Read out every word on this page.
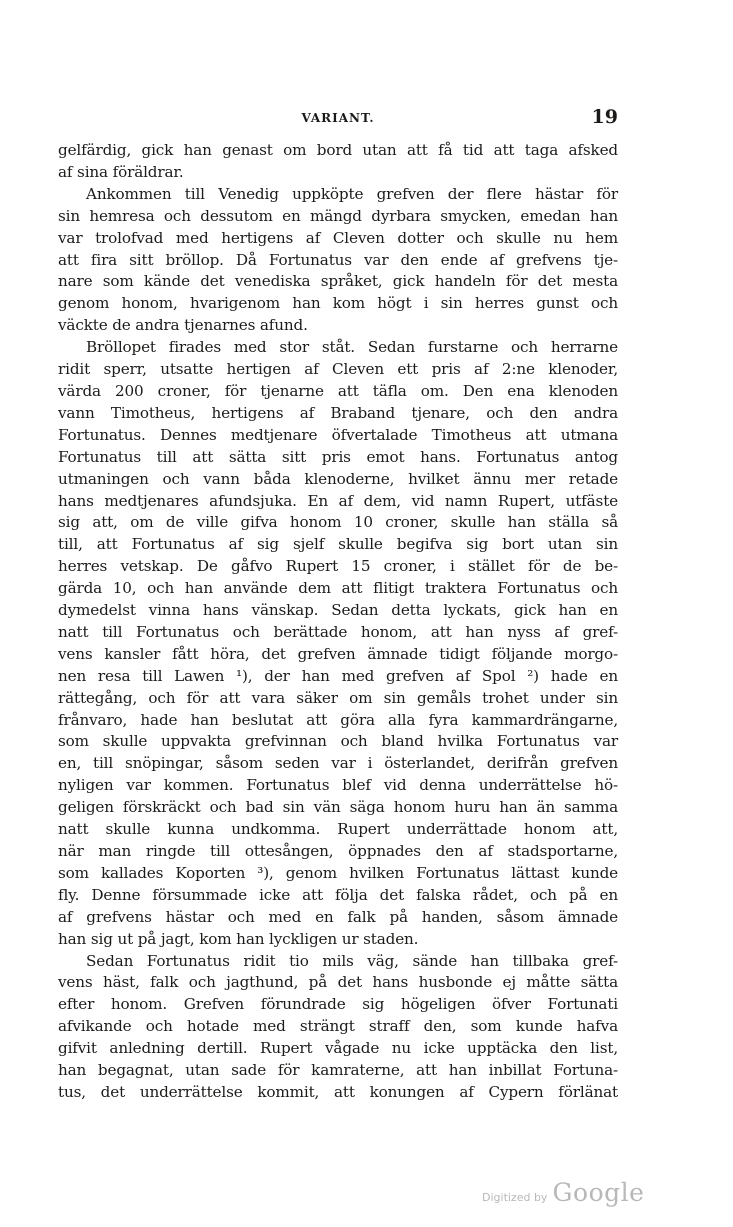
VARIANT.	19
gelfärdig, gick han genast om bord utan att få tid att taga afsked
af sina föräldrar.
Ankommen till Venedig uppköpte grefven der flere hästar för
sin hemresa och dessutom en mängd dyrbara smycken, emedan han
var trolofvad med hertigens af Cleven dotter och skulle nu hem
att fira sitt bröllop. Då Fortunatus var den ende af grefvens tje-
nare som kände det venediska språket, gick handeln för det mesta
genom honom, hvarigenom han kom högt i sin herres gunst och
väckte de andra tjenarnes afund.
Bröllopet firades med stor ståt. Sedan furstarne och herrarne
ridit sperr, utsatte hertigen af Cleven ett pris af 2:ne klenoder,
värda 200 croner, för tjenarne att täfla om. Den ena klenoden
vann Timotheus, hertigens af Braband tjenare, och den andra
Fortunatus. Dennes medtjenare öfvertalade Timotheus att utmana
Fortunatus till att sätta sitt pris emot hans. Fortunatus antog
utmaningen och vann båda klenoderne, hvilket ännu mer retade
hans medtjenares afundsjuka. En af dem, vid namn Rupert, utfäste
sig att, om de ville gifva honom 10 croner, skulle han ställa så
till, att Fortunatus af sig sjelf skulle begifva sig bort utan sin
herres vetskap. De gåfvo Rupert 15 croner, i stället för de be-
gärda 10, och han använde dem att flitigt traktera Fortunatus och
dymedelst vinna hans vänskap. Sedan detta lyckats, gick han en
natt till Fortunatus och berättade honom, att han nyss af gref-
vens kansler fått höra, det grefven ämnade tidigt följande morgo-
nen resa till Lawen ¹), der han med grefven af Spol ²) hade en
rättegång, och för att vara säker om sin gemåls trohet under sin
frånvaro, hade han beslutat att göra alla fyra kammardrängarne,
som skulle uppvakta grefvinnan och bland hvilka Fortunatus var
en, till snöpingar, såsom seden var i österlandet, derifrån grefven
nyligen var kommen. Fortunatus blef vid denna underrättelse hö-
geligen förskräckt och bad sin vän säga honom huru han än samma
natt skulle kunna undkomma. Rupert underrättade honom att,
när man ringde till ottesången, öppnades den af stadsportarne,
som kallades Koporten ³), genom hvilken Fortunatus lättast kunde
fly. Denne försummade icke att följa det falska rådet, och på en
af grefvens hästar och med en falk på handen, såsom ämnade
han sig ut på jagt, kom han lyckligen ur staden.
Sedan Fortunatus ridit tio mils väg, sände han tillbaka gref-
vens häst, falk och jagthund, på det hans husbonde ej måtte sätta
efter honom. Grefven förundrade sig högeligen öfver Fortunati
afvikande och hotade med strängt straff den, som kunde hafva
gifvit anledning dertill. Rupert vågade nu icke upptäcka den list,
han begagnat, utan sade för kamraterne, att han inbillat Fortuna-
tus, det underrättelse kommit, att konungen af Cypern förlänat
Digitized by Google
